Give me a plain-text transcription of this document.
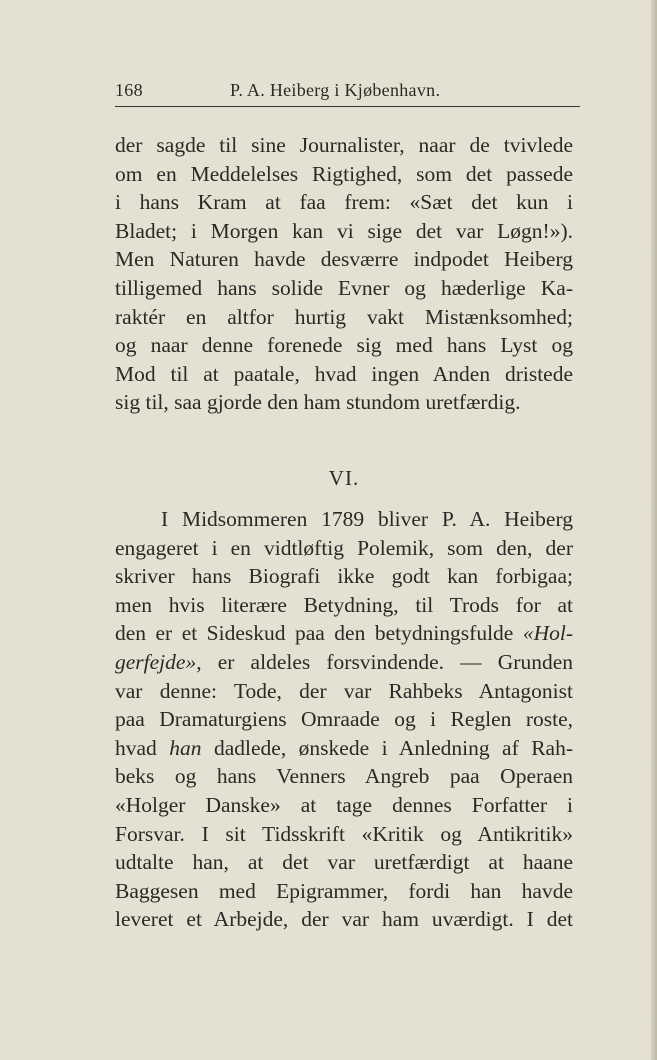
168	P. A. Heiberg i Kjøbenhavn.
der sagde til sine Journalister, naar de tvivlede
om en Meddelelses Rigtighed, som det passede
i hans Kram at faa frem: «Sæt det kun i
Bladet; i Morgen kan vi sige det var Løgn!»).
Men Naturen havde desværre indpodet Heiberg
tilligemed hans solide Evner og hæderlige Ka-
raktér en altfor hurtig vakt Mistænksomhed;
og naar denne forenede sig med hans Lyst og
Mod til at paatale, hvad ingen Anden dristede
sig til, saa gjorde den ham stundom uretfærdig.
VI.
I Midsommeren 1789 bliver P. A. Heiberg
engageret i en vidtløftig Polemik, som den, der
skriver hans Biografi ikke godt kan forbigaa;
men hvis literære Betydning, til Trods for at
den er et Sideskud paa den betydningsfulde «Hol-
gerfejde», er aldeles forsvindende. — Grunden
var denne: Tode, der var Rahbeks Antagonist
paa Dramaturgiens Omraade og i Reglen roste,
hvad han dadlede, ønskede i Anledning af Rah-
beks og hans Venners Angreb paa Operaen
«Holger Danske» at tage dennes Forfatter i
Forsvar. I sit Tidsskrift «Kritik og Antikritik»
udtalte han, at det var uretfærdigt at haane
Baggesen med Epigrammer, fordi han havde
leveret et Arbejde, der var ham uværdigt. I det
